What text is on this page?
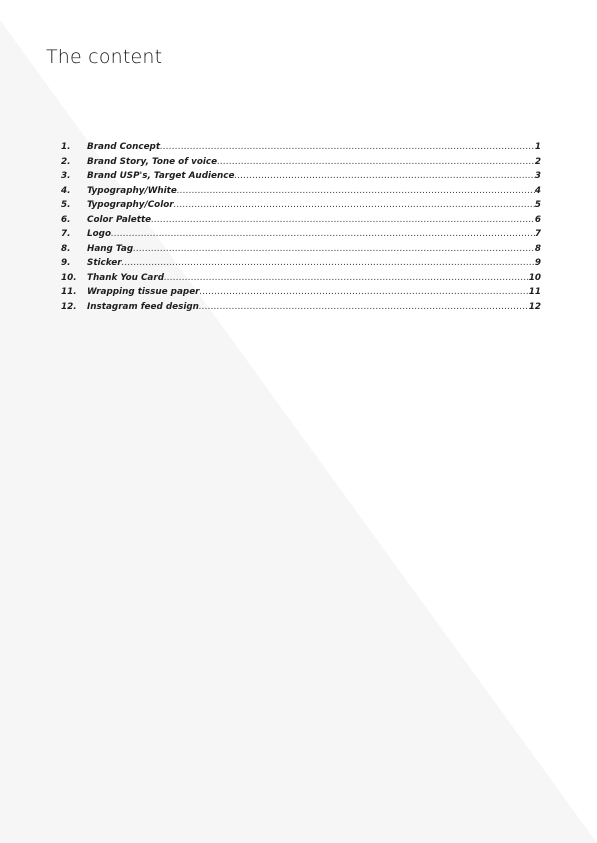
The content
1.	Brand Concept .....	1
2.	Brand Story, Tone of voice .....	2
3.	Brand USP's, Target Audience .....	3
4.	Typography/White .....	4
5.	Typography/Color .....	5
6.	Color Palette .....	6
7.	Logo .....	7
8.	Hang Tag .....	8
9.	Sticker .....	9
10.	Thank You Card .....	10
11.	Wrapping tissue paper .....	11
12.	Instagram feed design .....	12
